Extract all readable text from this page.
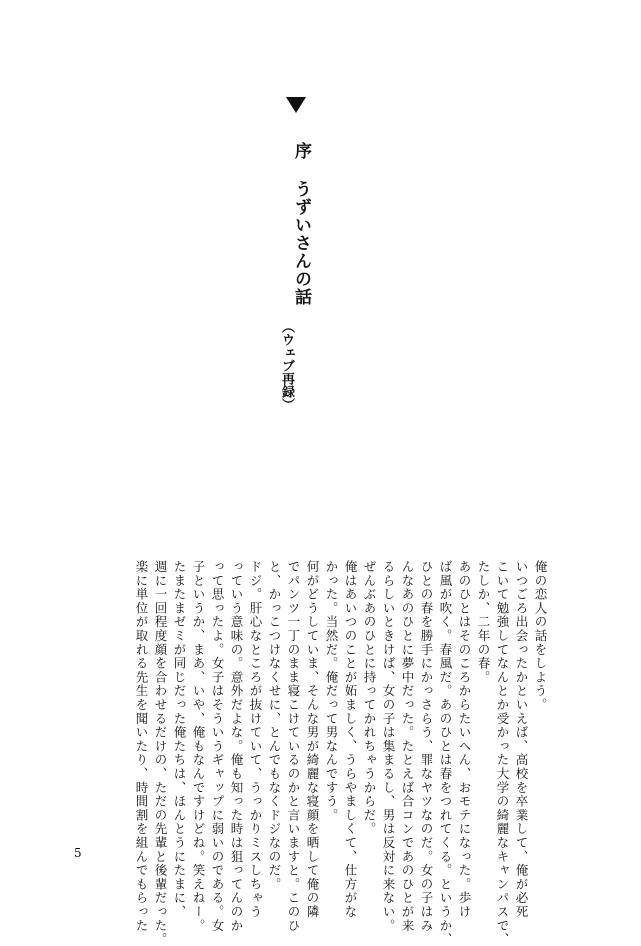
序
うずいさんの話
（ウェブ再録）
俺の恋人の話をしよう。
いつごろ出会ったかといえば、高校を卒業して、俺が必死
こいて勉強してなんとか受かった大学の綺麗なキャンパスで、
たしか、二年の春。
あのひとはそのころからたいへん、おモテになった。歩け
ば風が吹く。春風だ。あのひとは春をつれてくる。というか、
ひとの春を勝手にかっさらう、罪なヤツなのだ。女の子はみ
んなあのひとに夢中だった。たとえば合コンであのひとが来
るらしいときけば、女の子は集まるし、男は反対に来ない。
ぜんぶあのひとに持ってかれちゃうからだ。
俺はあいつのことが妬ましく、うらやましくて、仕方がな
かった。当然だ。俺だって男なんですう。
何がどうしていま、そんな男が綺麗な寝顔を晒して俺の隣
でパンツ一丁のまま寝こけているのかと言いますと。このひ
と、かっこつけなくせに、とんでもなくドジなのだ。
ドジ。肝心なところが抜けていて、うっかりミスしちゃう
っていう意味の。意外だよな。俺も知った時は狙ってんのか
って思ったよ。女子はそういうギャップに弱いのである。女
子というか、まあ、いや、俺もなんですけどね。笑えねー。
たまたまゼミが同じだった俺たちは、ほんとうにたまに、
週に一回程度顔を合わせるだけの、ただの先輩と後輩だった。
楽に単位が取れる先生を聞いたり、時間割を組んでもらった
5
